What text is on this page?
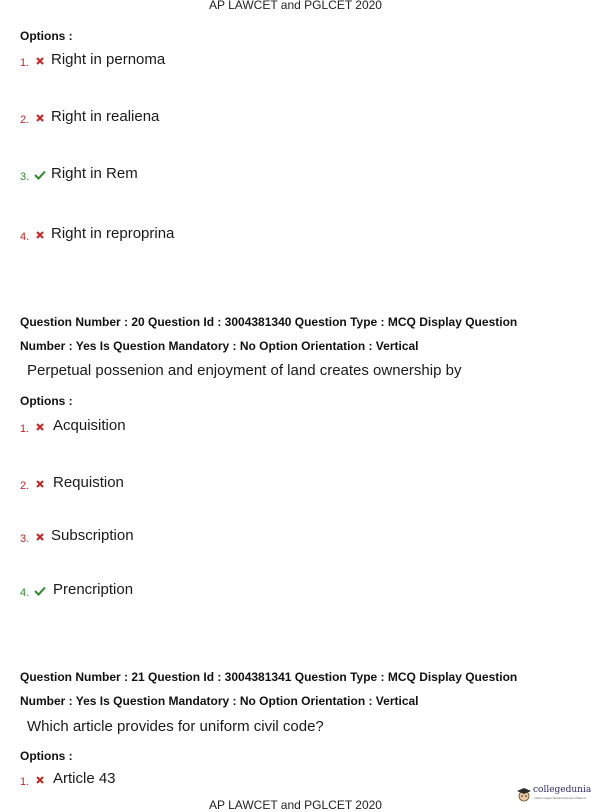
AP LAWCET and PGLCET 2020
Options :
1. Right in pernoma
2. Right in realiena
3. Right in Rem
4. Right in reproprina
Question Number : 20 Question Id : 3004381340 Question Type : MCQ Display Question
Number : Yes Is Question Mandatory : No Option Orientation : Vertical
Perpetual possenion and enjoyment of land creates ownership by
Options :
1. Acquisition
2. Requistion
3. Subscription
4. Prencription
Question Number : 21 Question Id : 3004381341 Question Type : MCQ Display Question
Number : Yes Is Question Mandatory : No Option Orientation : Vertical
Which article provides for uniform civil code?
Options :
1. Article 43
collegedunia
India's largest Student Review Platform
AP LAWCET and PGLCET 2020
